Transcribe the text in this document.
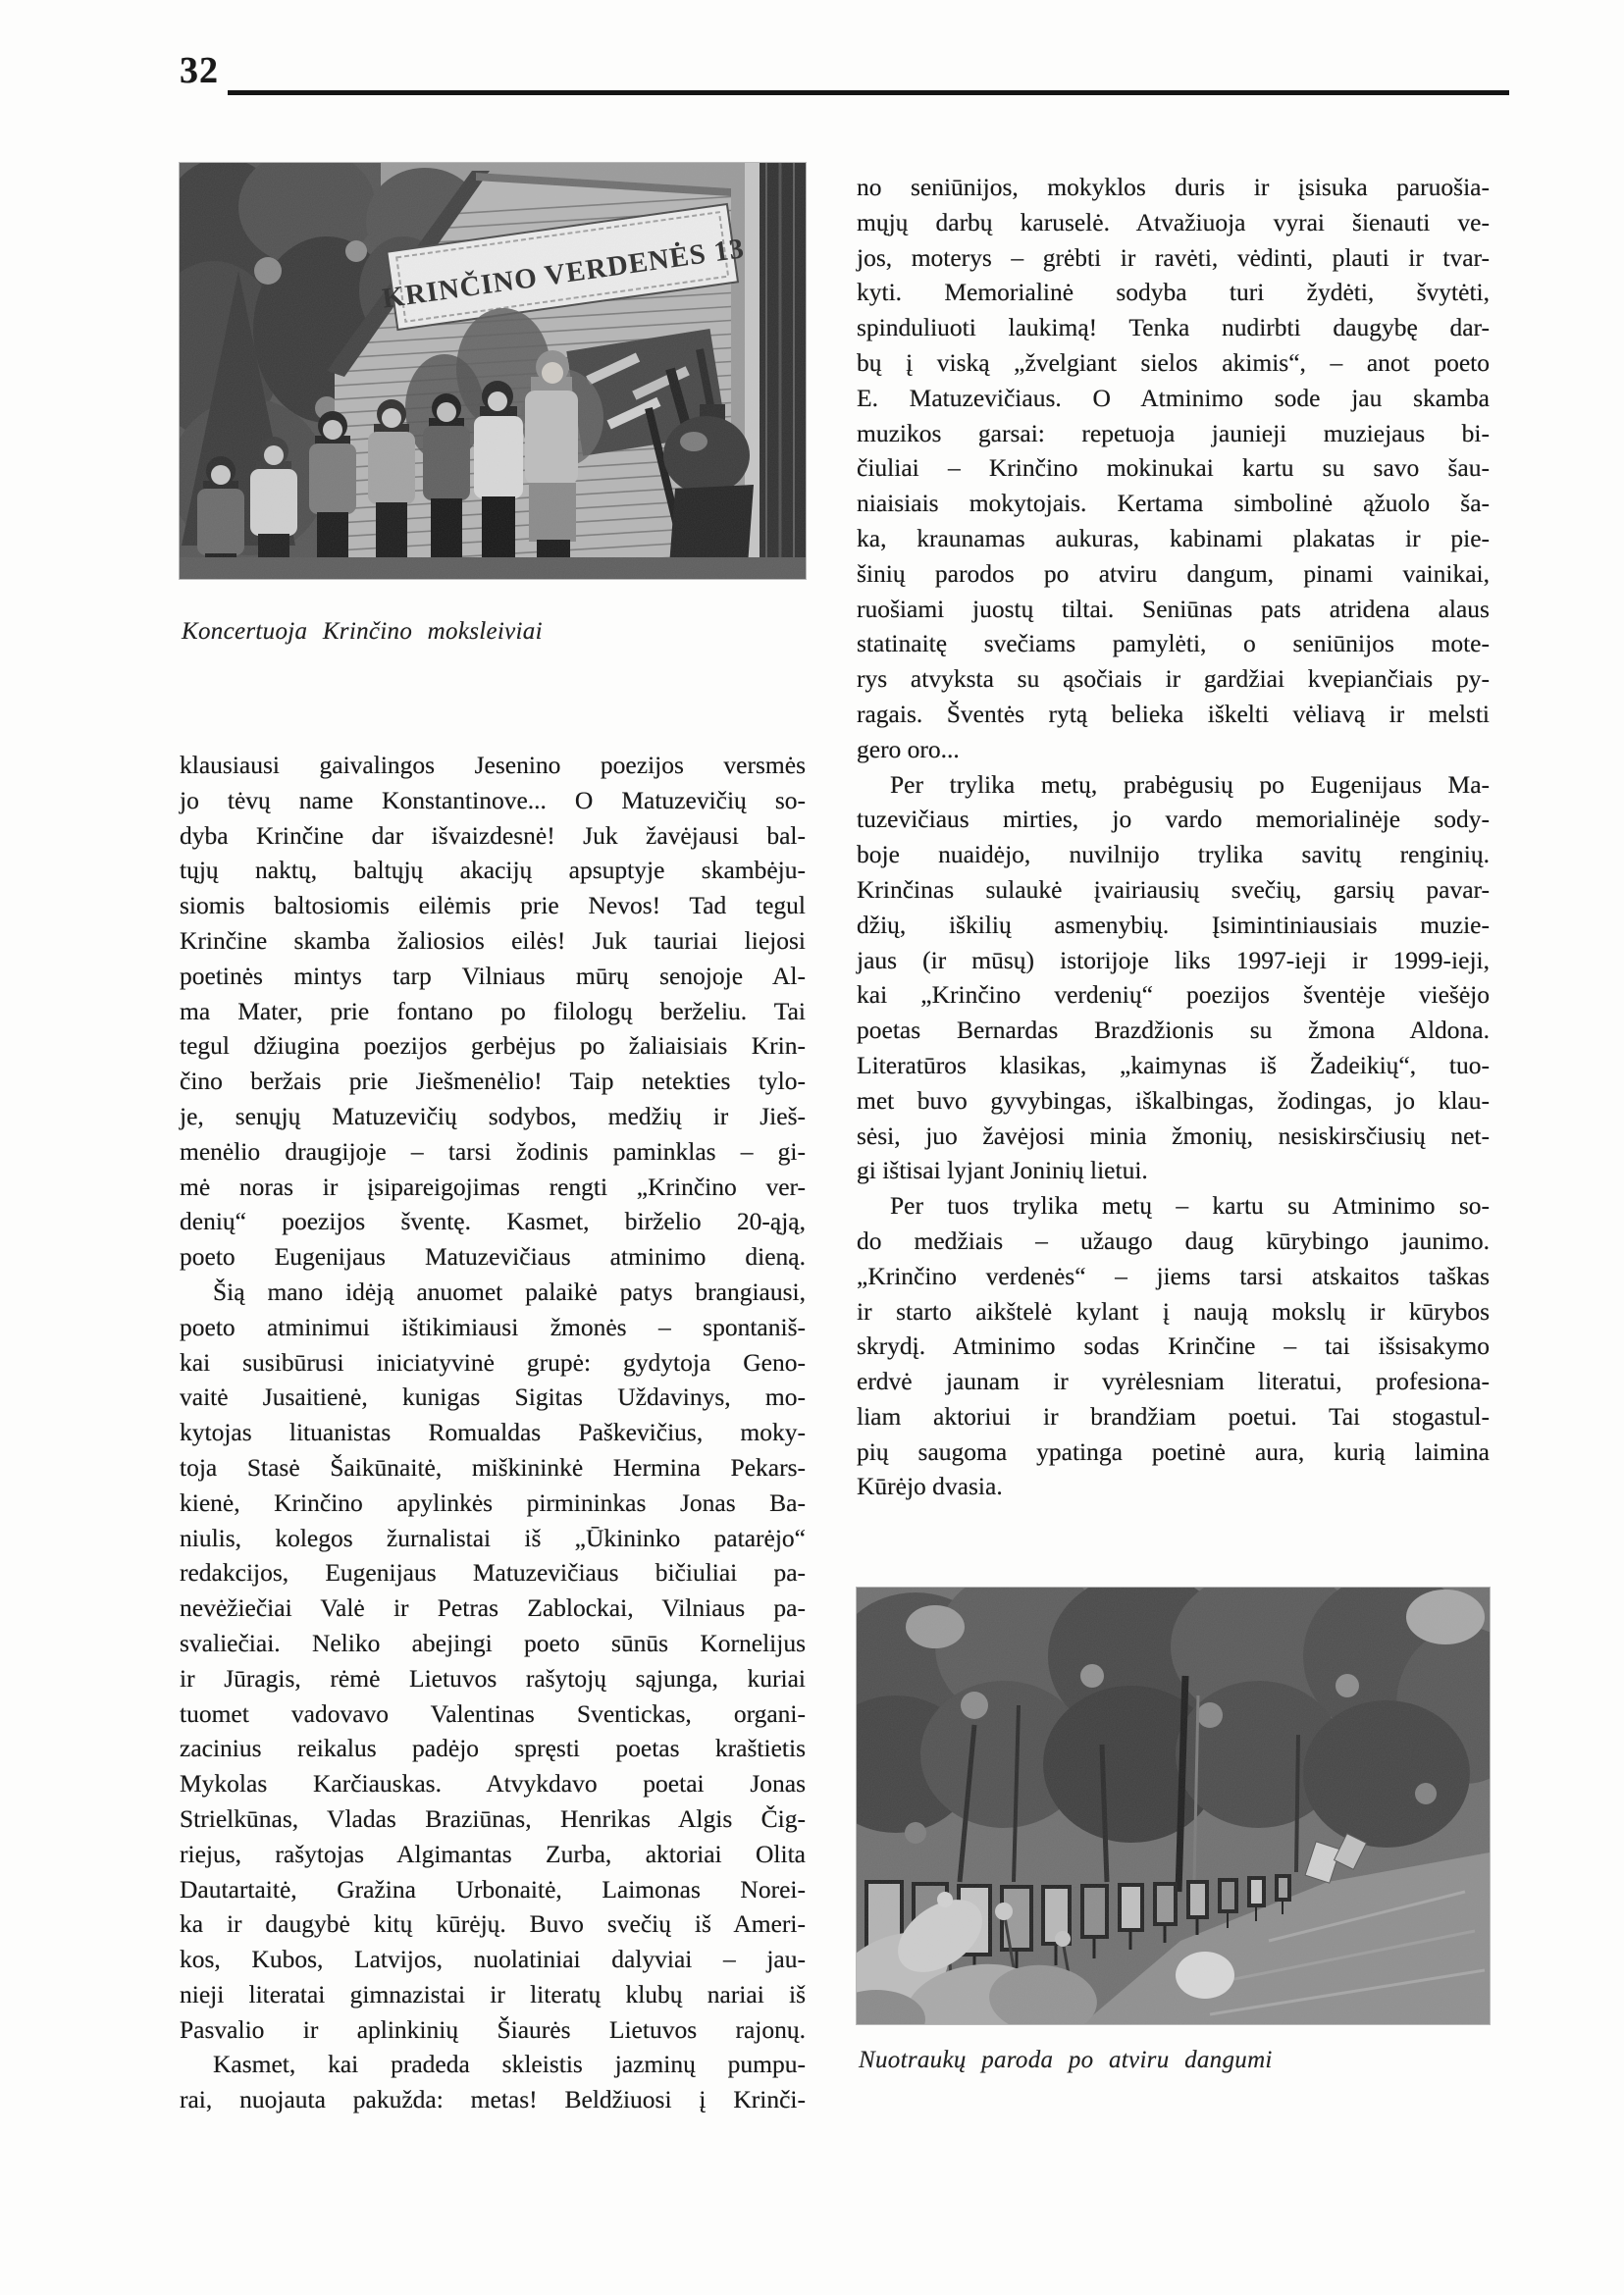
32
Koncertuoja Krinčino moksleiviai
klausiausi gaivalingos Jesenino poezijos versmės
jo tėvų name Konstantinove... O Matuzevičių so-
dyba Krinčine dar išvaizdesnė! Juk žavėjausi bal-
tųjų naktų, baltųjų akacijų apsuptyje skambėju-
siomis baltosiomis eilėmis prie Nevos! Tad tegul
Krinčine skamba žaliosios eilės! Juk tauriai liejosi
poetinės mintys tarp Vilniaus mūrų senojoje Al-
ma Mater, prie fontano po filologų berželiu. Tai
tegul džiugina poezijos gerbėjus po žaliaisiais Krin-
čino beržais prie Jiešmenėlio! Taip netekties tylo-
je, senųjų Matuzevičių sodybos, medžių ir Jieš-
menėlio draugijoje – tarsi žodinis paminklas – gi-
mė noras ir įsipareigojimas rengti „Krinčino ver-
denių“ poezijos šventę. Kasmet, birželio 20-ąją,
poeto Eugenijaus Matuzevičiaus atminimo dieną.
Šią mano idėją anuomet palaikė patys brangiausi,
poeto atminimui ištikimiausi žmonės – spontaniš-
kai susibūrusi iniciatyvinė grupė: gydytoja Geno-
vaitė Jusaitienė, kunigas Sigitas Uždavinys, mo-
kytojas lituanistas Romualdas Paškevičius, moky-
toja Stasė Šaikūnaitė, miškininkė Hermina Pekars-
kienė, Krinčino apylinkės pirmininkas Jonas Ba-
niulis, kolegos žurnalistai iš „Ūkininko patarėjo“
redakcijos, Eugenijaus Matuzevičiaus bičiuliai pa-
nevėžiečiai Valė ir Petras Zablockai, Vilniaus pa-
svaliečiai. Neliko abejingi poeto sūnūs Kornelijus
ir Jūragis, rėmė Lietuvos rašytojų sąjunga, kuriai
tuomet vadovavo Valentinas Sventickas, organi-
zacinius reikalus padėjo spręsti poetas kraštietis
Mykolas Karčiauskas. Atvykdavo poetai Jonas
Strielkūnas, Vladas Braziūnas, Henrikas Algis Čig-
riejus, rašytojas Algimantas Zurba, aktoriai Olita
Dautartaitė, Gražina Urbonaitė, Laimonas Norei-
ka ir daugybė kitų kūrėjų. Buvo svečių iš Ameri-
kos, Kubos, Latvijos, nuolatiniai dalyviai – jau-
nieji literatai gimnazistai ir literatų klubų nariai iš
Pasvalio ir aplinkinių Šiaurės Lietuvos rajonų.
Kasmet, kai pradeda skleistis jazminų pumpu-
rai, nuojauta pakužda: metas! Beldžiuosi į Krinči-
no seniūnijos, mokyklos duris ir įsisuka paruošia-
mųjų darbų karuselė. Atvažiuoja vyrai šienauti ve-
jos, moterys – grėbti ir ravėti, vėdinti, plauti ir tvar-
kyti. Memorialinė sodyba turi žydėti, švytėti,
spinduliuoti laukimą! Tenka nudirbti daugybę dar-
bų į viską „žvelgiant sielos akimis“, – anot poeto
E. Matuzevičiaus. O Atminimo sode jau skamba
muzikos garsai: repetuoja jaunieji muziejaus bi-
čiuliai – Krinčino mokinukai kartu su savo šau-
niaisiais mokytojais. Kertama simbolinė ąžuolo ša-
ka, kraunamas aukuras, kabinami plakatas ir pie-
šinių parodos po atviru dangum, pinami vainikai,
ruošiami juostų tiltai. Seniūnas pats atridena alaus
statinaitę svečiams pamylėti, o seniūnijos mote-
rys atvyksta su ąsočiais ir gardžiai kvepiančiais py-
ragais. Šventės rytą belieka iškelti vėliavą ir melsti
gero oro...
Per trylika metų, prabėgusių po Eugenijaus Ma-
tuzevičiaus mirties, jo vardo memorialinėje sody-
boje nuaidėjo, nuvilnijo trylika savitų renginių.
Krinčinas sulaukė įvairiausių svečių, garsių pavar-
džių, iškilių asmenybių. Įsimintiniausiais muzie-
jaus (ir mūsų) istorijoje liks 1997-ieji ir 1999-ieji,
kai „Krinčino verdenių“ poezijos šventėje viešėjo
poetas Bernardas Brazdžionis su žmona Aldona.
Literatūros klasikas, „kaimynas iš Žadeikių“, tuo-
met buvo gyvybingas, iškalbingas, žodingas, jo klau-
sėsi, juo žavėjosi minia žmonių, nesiskirsčiusių net-
gi ištisai lyjant Joninių lietui.
Per tuos trylika metų – kartu su Atminimo so-
do medžiais – užaugo daug kūrybingo jaunimo.
„Krinčino verdenės“ – jiems tarsi atskaitos taškas
ir starto aikštelė kylant į naują mokslų ir kūrybos
skrydį. Atminimo sodas Krinčine – tai išsisakymo
erdvė jaunam ir vyrėlesniam literatui, profesiona-
liam aktoriui ir brandžiam poetui. Tai stogastul-
pių saugoma ypatinga poetinė aura, kurią laimina
Kūrėjo dvasia.
Nuotraukų paroda po atviru dangumi
